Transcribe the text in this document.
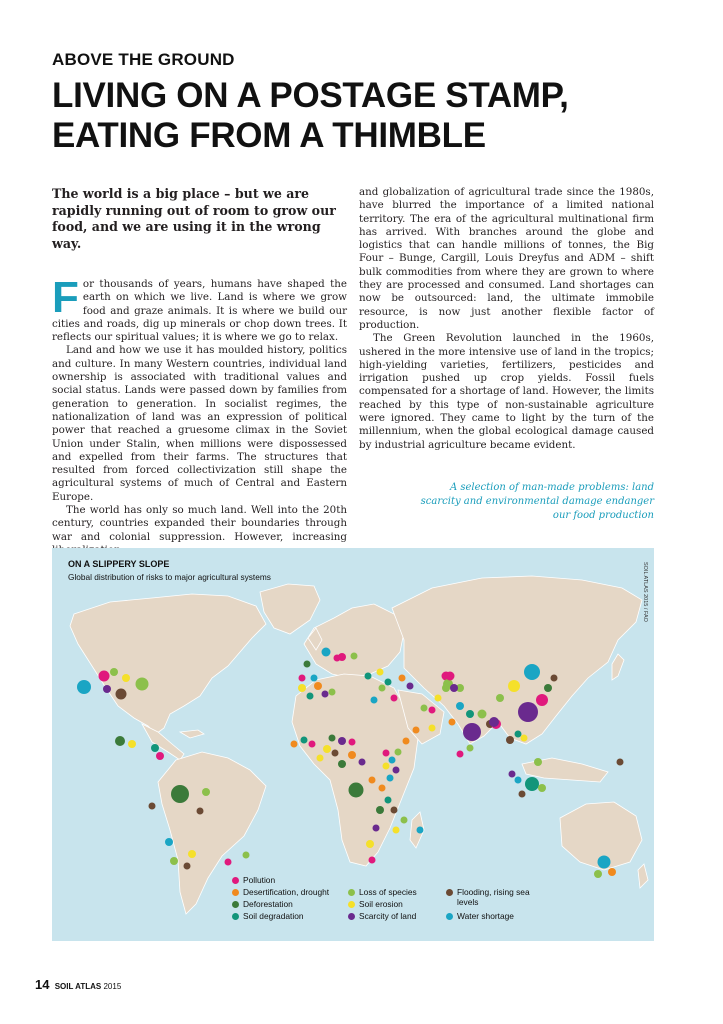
ABOVE THE GROUND
LIVING ON A POSTAGE STAMP,
EATING FROM A THIMBLE
The world is a big place – but we are rapidly running out of room to grow our food, and we are using it in the wrong way.

For thousands of years, humans have shaped the earth on which we live. Land is where we grow food and graze animals. It is where we build our cities and roads, dig up minerals or chop down trees. It reflects our spiritual values; it is where we go to relax.

Land and how we use it has moulded history, politics and culture. In many Western countries, individual land ownership is associated with traditional values and social status. Lands were passed down by families from generation to generation. In socialist regimes, the nationalization of land was an expression of political power that reached a gruesome climax in the Soviet Union under Stalin, when millions were dispossessed and expelled from their farms. The structures that resulted from forced collectivization still shape the agricultural systems of much of Central and Eastern Europe.

The world has only so much land. Well into the 20th century, countries expanded their boundaries through war and colonial suppression. However, increasing

and globalization of agricultural trade since the 1980s, have blurred the importance of a limited national territory. The era of the agricultural multinational firm has arrived. With branches around the globe and logistics that can handle millions of tonnes, the Big Four – Bunge, Cargill, Louis Dreyfus and ADM – shift bulk commodities from where they are grown to where they are processed and consumed. Land shortages can now be outsourced: land, the ultimate immobile resource, is now just another flexible factor of production.

The Green Revolution launched in the 1960s, ushered in the more intensive use of land in the tropics; high-yielding varieties, fertilizers, pesticides and irrigation pushed up crop yields. Fossil fuels compensated for a shortage of land. However, the limits reached by this type of non-sustainable agriculture were ignored. They came to light by the turn of the millennium, when the global ecological damage caused by industrial agriculture became evident.

A selection of man-made problems: land scarcity and environmental damage endanger our food production
ON A SLIPPERY SLOPE
Global distribution of risks to major agricultural systems	SOIL ATLAS 2015 / FAO
Pollution
Desertification, drought
Deforestation
Soil degradation
Loss of species
Soil erosion
Scarcity of land
Flooding, rising sea levels
Water shortage
14 SOIL ATLAS 2015
